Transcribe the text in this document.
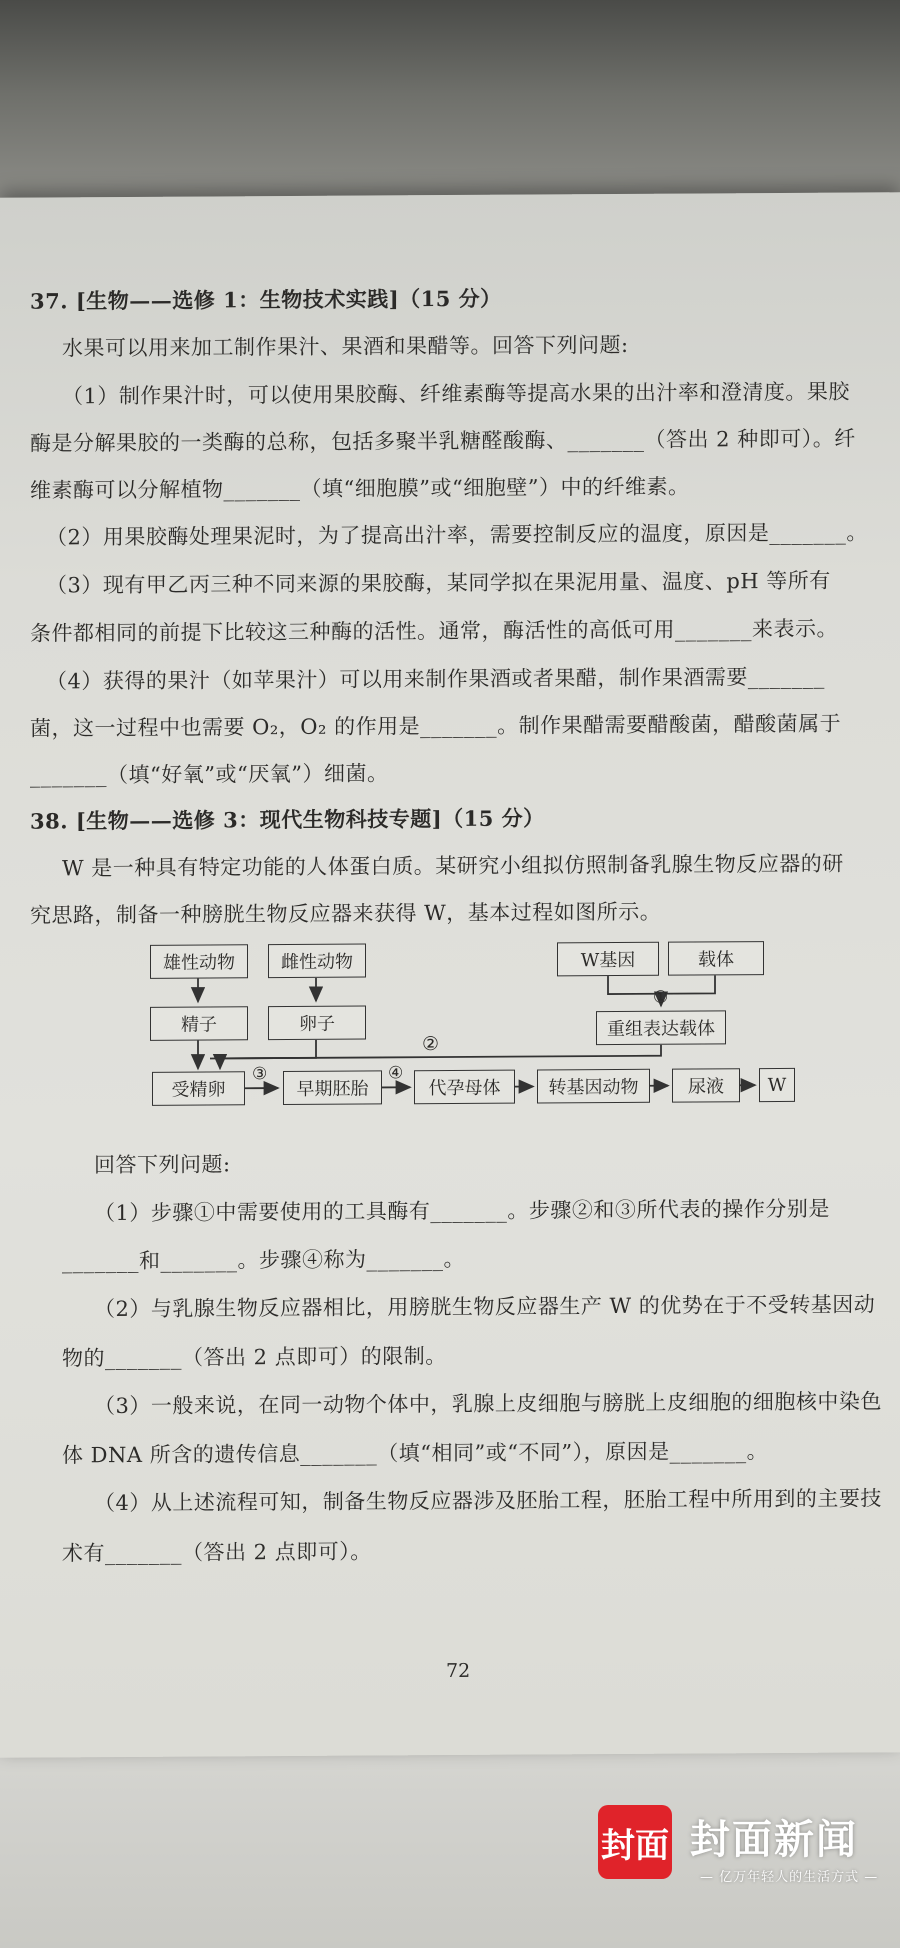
37. [生物——选修 1：生物技术实践]（15 分）
水果可以用来加工制作果汁、果酒和果醋等。回答下列问题:
（1）制作果汁时，可以使用果胶酶、纤维素酶等提高水果的出汁率和澄清度。果胶
酶是分解果胶的一类酶的总称，包括多聚半乳糖醛酸酶、_______（答出 2 种即可）。纤
维素酶可以分解植物_______（填“细胞膜”或“细胞壁”）中的纤维素。
（2）用果胶酶处理果泥时，为了提高出汁率，需要控制反应的温度，原因是_______。
（3）现有甲乙丙三种不同来源的果胶酶，某同学拟在果泥用量、温度、pH 等所有
条件都相同的前提下比较这三种酶的活性。通常，酶活性的高低可用_______来表示。
（4）获得的果汁（如苹果汁）可以用来制作果酒或者果醋，制作果酒需要_______
菌，这一过程中也需要 O₂，O₂ 的作用是_______。制作果醋需要醋酸菌，醋酸菌属于
_______（填“好氧”或“厌氧”）细菌。
38. [生物——选修 3：现代生物科技专题]（15 分）
W 是一种具有特定功能的人体蛋白质。某研究小组拟仿照制备乳腺生物反应器的研
究思路，制备一种膀胱生物反应器来获得 W，基本过程如图所示。
雄性动物	雌性动物
精子	卵子
W基因	载体
重组表达载体
受精卵	早期胚胎	代孕母体	转基因动物	尿液	W
①
②
③	④
回答下列问题:
（1）步骤①中需要使用的工具酶有_______。步骤②和③所代表的操作分别是
_______和_______。步骤④称为_______。
（2）与乳腺生物反应器相比，用膀胱生物反应器生产 W 的优势在于不受转基因动
物的_______（答出 2 点即可）的限制。
（3）一般来说，在同一动物个体中，乳腺上皮细胞与膀胱上皮细胞的细胞核中染色
体 DNA 所含的遗传信息_______（填“相同”或“不同”），原因是_______。
（4）从上述流程可知，制备生物反应器涉及胚胎工程，胚胎工程中所用到的主要技
术有_______（答出 2 点即可）。
72
封面 封面新闻
— 亿万年轻人的生活方式 —
